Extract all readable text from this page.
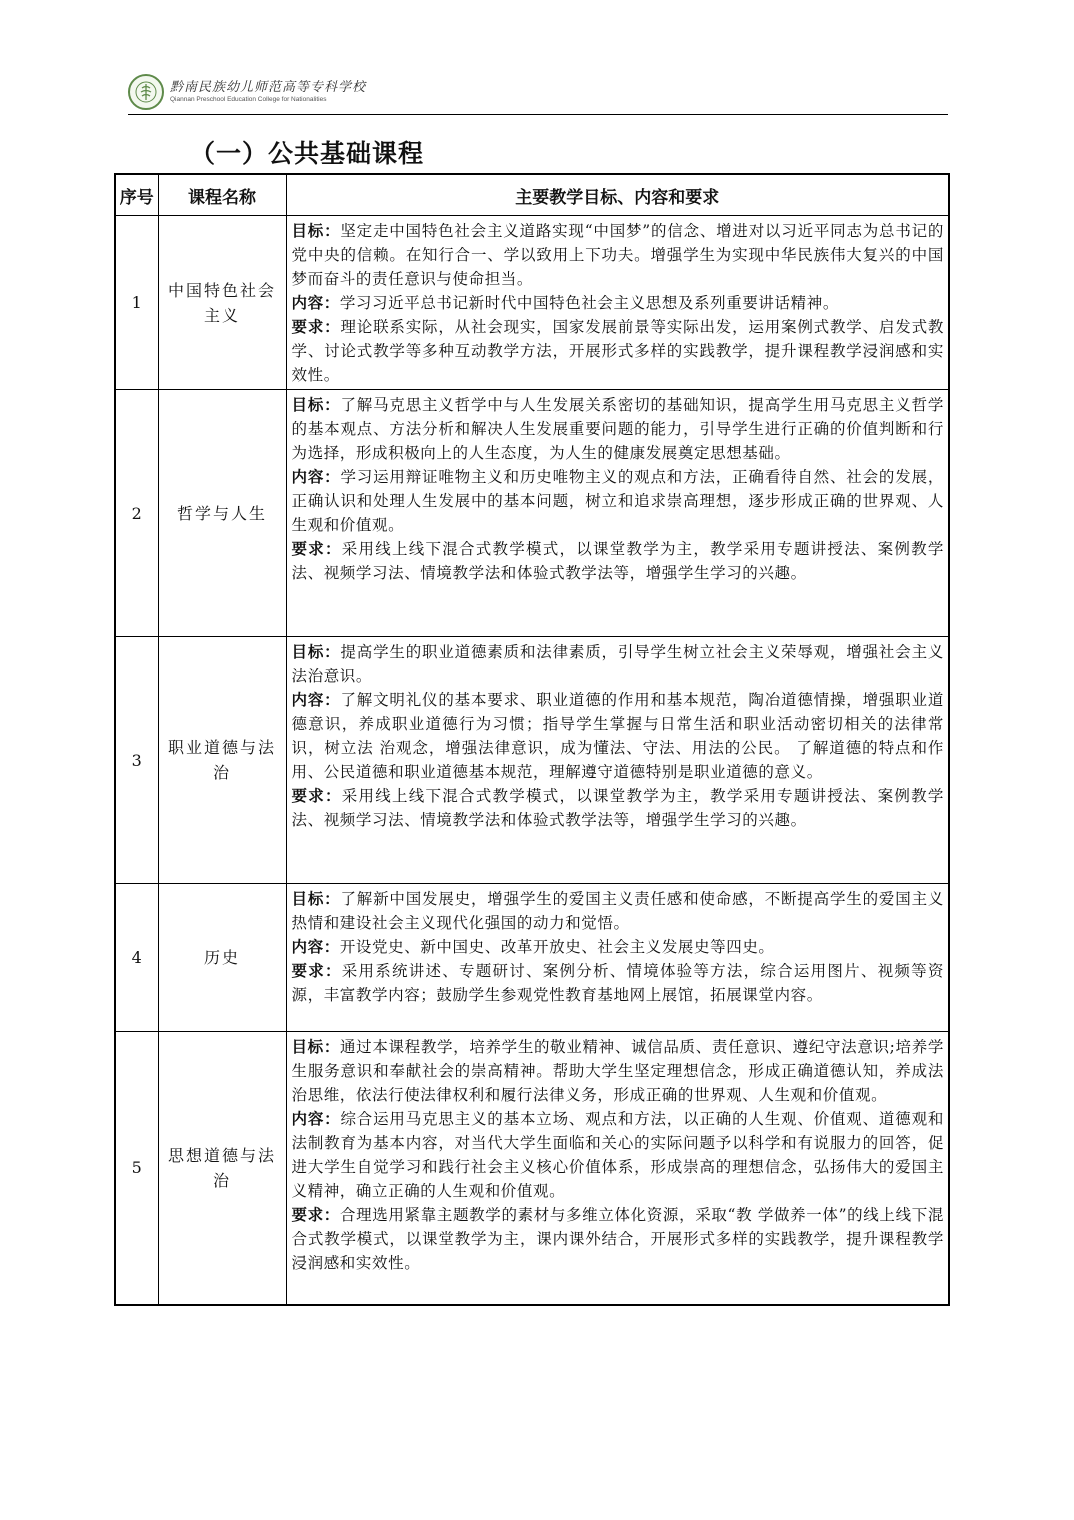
黔南民族幼儿师范高等专科学校
Qiannan Preschool Education College for Nationalities
（一）公共基础课程
序号	课程名称	主要教学目标、内容和要求
1	中国特色社会主义	目标：坚定走中国特色社会主义道路实现“中国梦”的信念、增进对以习近平同志为总书记的党中央的信赖。在知行合一、学以致用上下功夫。增强学生为实现中华民族伟大复兴的中国梦而奋斗的责任意识与使命担当。
内容：学习习近平总书记新时代中国特色社会主义思想及系列重要讲话精神。
要求：理论联系实际，从社会现实，国家发展前景等实际出发，运用案例式教学、启发式教学、讨论式教学等多种互动教学方法，开展形式多样的实践教学，提升课程教学浸润感和实效性。

2	哲学与人生	目标：了解马克思主义哲学中与人生发展关系密切的基础知识，提高学生用马克思主义哲学的基本观点、方法分析和解决人生发展重要问题的能力，引导学生进行正确的价值判断和行为选择，形成积极向上的人生态度，为人生的健康发展奠定思想基础。
内容：学习运用辩证唯物主义和历史唯物主义的观点和方法，正确看待自然、社会的发展，正确认识和处理人生发展中的基本问题，树立和追求崇高理想，逐步形成正确的世界观、人生观和价值观。
要求：采用线上线下混合式教学模式，以课堂教学为主，教学采用专题讲授法、案例教学法、视频学习法、情境教学法和体验式教学法等，增强学生学习的兴趣。

3	职业道德与法治	目标：提高学生的职业道德素质和法律素质，引导学生树立社会主义荣辱观，增强社会主义法治意识。
内容：了解文明礼仪的基本要求、职业道德的作用和基本规范，陶冶道德情操，增强职业道德意识，养成职业道德行为习惯；指导学生掌握与日常生活和职业活动密切相关的法律常识，树立法 治观念，增强法律意识，成为懂法、守法、用法的公民。 了解道德的特点和作用、公民道德和职业道德基本规范，理解遵守道德特别是职业道德的意义。
要求：采用线上线下混合式教学模式，以课堂教学为主，教学采用专题讲授法、案例教学法、视频学习法、情境教学法和体验式教学法等，增强学生学习的兴趣。

4	历史	目标：了解新中国发展史，增强学生的爱国主义责任感和使命感，不断提高学生的爱国主义热情和建设社会主义现代化强国的动力和觉悟。
内容：开设党史、新中国史、改革开放史、社会主义发展史等四史。
要求：采用系统讲述、专题研讨、案例分析、情境体验等方法，综合运用图片、视频等资源，丰富教学内容；鼓励学生参观党性教育基地网上展馆，拓展课堂内容。

5	思想道德与法治	目标：通过本课程教学，培养学生的敬业精神、诚信品质、责任意识、遵纪守法意识;培养学生服务意识和奉献社会的崇高精神。帮助大学生坚定理想信念，形成正确道德认知，养成法治思维，依法行使法律权利和履行法律义务，形成正确的世界观、人生观和价值观。
内容：综合运用马克思主义的基本立场、观点和方法，以正确的人生观、价值观、道德观和法制教育为基本内容，对当代大学生面临和关心的实际问题予以科学和有说服力的回答，促进大学生自觉学习和践行社会主义核心价值体系，形成崇高的理想信念，弘扬伟大的爱国主义精神，确立正确的人生观和价值观。
要求：合理选用紧靠主题教学的素材与多维立体化资源，采取“教 学做养一体”的线上线下混合式教学模式，以课堂教学为主，课内课外结合，开展形式多样的实践教学，提升课程教学浸润感和实效性。
